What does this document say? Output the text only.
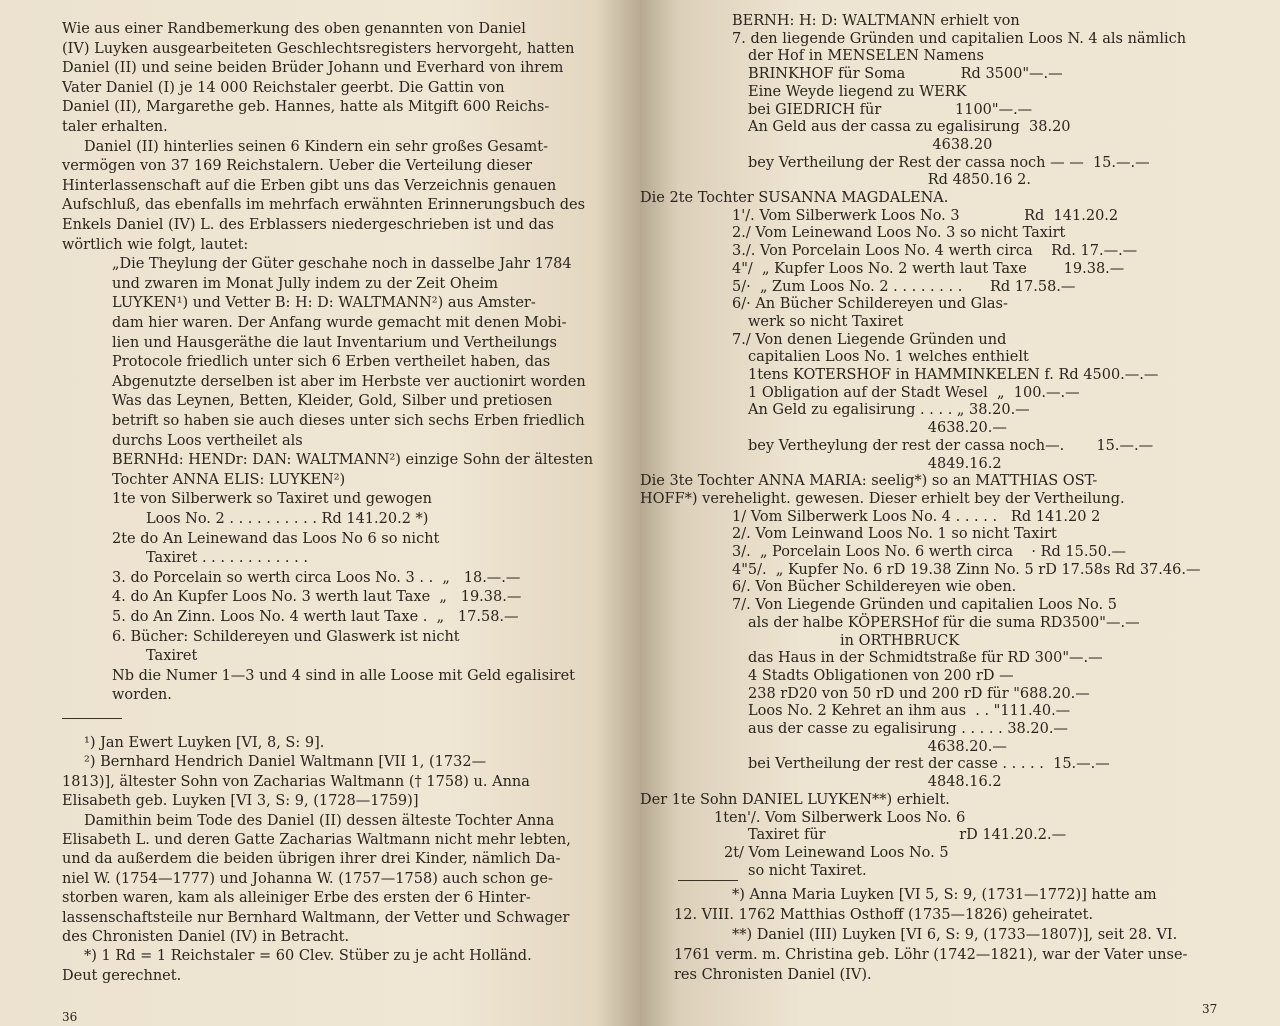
Wie aus einer Randbemerkung des oben genannten von Daniel
(IV) Luyken ausgearbeiteten Geschlechtsregisters hervorgeht, hatten
Daniel (II) und seine beiden Brüder Johann und Everhard von ihrem
Vater Daniel (I) je 14 000 Reichstaler geerbt. Die Gattin von
Daniel (II), Margarethe geb. Hannes, hatte als Mitgift 600 Reichs-
taler erhalten.
Daniel (II) hinterlies seinen 6 Kindern ein sehr großes Gesamt-
vermögen von 37 169 Reichstalern. Ueber die Verteilung dieser
Hinterlassenschaft auf die Erben gibt uns das Verzeichnis genauen
Aufschluß, das ebenfalls im mehrfach erwähnten Erinnerungsbuch des
Enkels Daniel (IV) L. des Erblassers niedergeschrieben ist und das
wörtlich wie folgt, lautet:
„Die Theylung der Güter geschahe noch in dasselbe Jahr 1784
und zwaren im Monat Jully indem zu der Zeit Oheim
LUYKEN¹) und Vetter B: H: D: WALTMANN²) aus Amster-
dam hier waren. Der Anfang wurde gemacht mit denen Mobi-
lien und Hausgeräthe die laut Inventarium und Vertheilungs
Protocole friedlich unter sich 6 Erben vertheilet haben, das
Abgenutzte derselben ist aber im Herbste ver auctionirt worden
Was das Leynen, Betten, Kleider, Gold, Silber und pretiosen
betrift so haben sie auch dieses unter sich sechs Erben friedlich
durchs Loos vertheilet als
BERNHd: HENDr: DAN: WALTMANN²) einzige Sohn der ältesten
Tochter ANNA ELIS: LUYKEN²)
1te von Silberwerk so Taxiret und gewogen
Loos No. 2 . . . . . . . . . . Rd 141.20.2 *)
2te do An Leinewand das Loos No 6 so nicht
Taxiret . . . . . . . . . . . .
3. do Porcelain so werth circa Loos No. 3 . .  „   18.—.—
4. do An Kupfer Loos No. 3 werth laut Taxe  „   19.38.—
5. do An Zinn. Loos No. 4 werth laut Taxe .  „   17.58.—
6. Bücher: Schildereyen und Glaswerk ist nicht
Taxiret
Nb die Numer 1—3 und 4 sind in alle Loose mit Geld egalisiret
worden.
¹) Jan Ewert Luyken [VI, 8, S: 9].
²) Bernhard Hendrich Daniel Waltmann [VII 1, (1732—
1813)], ältester Sohn von Zacharias Waltmann († 1758) u. Anna
Elisabeth geb. Luyken [VI 3, S: 9, (1728—1759)]
Damithin beim Tode des Daniel (II) dessen älteste Tochter Anna
Elisabeth L. und deren Gatte Zacharias Waltmann nicht mehr lebten,
und da außerdem die beiden übrigen ihrer drei Kinder, nämlich Da-
niel W. (1754—1777) und Johanna W. (1757—1758) auch schon ge-
storben waren, kam als alleiniger Erbe des ersten der 6 Hinter-
lassenschaftsteile nur Bernhard Waltmann, der Vetter und Schwager
des Chronisten Daniel (IV) in Betracht.
*) 1 Rd = 1 Reichstaler = 60 Clev. Stüber zu je acht Holländ.
Deut gerechnet.
36
BERNH: H: D: WALTMANN erhielt von
7. den liegende Gründen und capitalien Loos N. 4 als nämlich
der Hof in MENSELEN Namens
BRINKHOF für Soma            Rd 3500"—.—
Eine Weyde liegend zu WERK
bei GIEDRICH für                1100"—.—
An Geld aus der cassa zu egalisirung  38.20
4638.20
bey Vertheilung der Rest der cassa noch — —  15.—.—
Rd 4850.16 2.
Die 2te Tochter SUSANNA MAGDALENA.
1'/. Vom Silberwerk Loos No. 3              Rd  141.20.2
2./ Vom Leinewand Loos No. 3 so nicht Taxirt
3./. Von Porcelain Loos No. 4 werth circa    Rd. 17.—.—
4"/  „ Kupfer Loos No. 2 werth laut Taxe        19.38.—
5/·  „ Zum Loos No. 2 . . . . . . . .      Rd 17.58.—
6/· An Bücher Schildereyen und Glas-
werk so nicht Taxiret
7./ Von denen Liegende Gründen und
capitalien Loos No. 1 welches enthielt
1tens KOTERSHOF in HAMMINKELEN f. Rd 4500.—.—
1 Obligation auf der Stadt Wesel  „  100.—.—
An Geld zu egalisirung . . . . „ 38.20.—
4638.20.—
bey Vertheylung der rest der cassa noch—.       15.—.—
4849.16.2
Die 3te Tochter ANNA MARIA: seelig*) so an MATTHIAS OST-
HOFF*) verehelight. gewesen. Dieser erhielt bey der Vertheilung.
1/ Vom Silberwerk Loos No. 4 . . . . .   Rd 141.20 2
2/. Vom Leinwand Loos No. 1 so nicht Taxirt
3/.  „ Porcelain Loos No. 6 werth circa    · Rd 15.50.—
4"5/.  „ Kupfer No. 6 rD 19.38 Zinn No. 5 rD 17.58s Rd 37.46.—
6/. Von Bücher Schildereyen wie oben.
7/. Von Liegende Gründen und capitalien Loos No. 5
als der halbe KÖPERSHof für die suma RD3500"—.—
in ORTHBRUCK
das Haus in der Schmidtstraße für RD 300"—.—
4 Stadts Obligationen von 200 rD —
238 rD20 von 50 rD und 200 rD für "688.20.—
Loos No. 2 Kehret an ihm aus  . . "111.40.—
aus der casse zu egalisirung . . . . . 38.20.—
4638.20.—
bei Vertheilung der rest der casse . . . . .  15.—.—
4848.16.2
Der 1te Sohn DANIEL LUYKEN**) erhielt.
1ten'/. Vom Silberwerk Loos No. 6
Taxiret für                             rD 141.20.2.—
2t/ Vom Leinewand Loos No. 5
so nicht Taxiret.
*) Anna Maria Luyken [VI 5, S: 9, (1731—1772)] hatte am
12. VIII. 1762 Matthias Osthoff (1735—1826) geheiratet.
**) Daniel (III) Luyken [VI 6, S: 9, (1733—1807)], seit 28. VI.
1761 verm. m. Christina geb. Löhr (1742—1821), war der Vater unse-
res Chronisten Daniel (IV).
37
